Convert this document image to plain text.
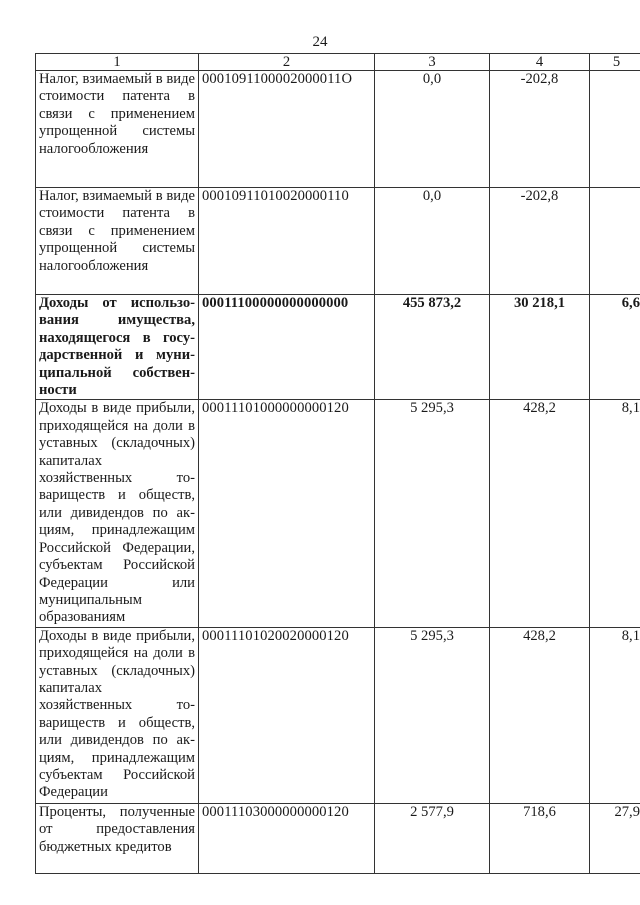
24
1	2	3	4	5
Налог, взимаемый в виде стоимости патента в связи с применением упрощенной системы налогообложения	0001091100002000011О	0,0	-202,8	
Налог, взимаемый в виде стоимости патента в связи с применением упрощенной системы налогообложения	00010911010020000110	0,0	-202,8	
Доходы от использования имущества, находящегося в государственной и муниципальной собственности	00011100000000000000	455 873,2	30 218,1	6,6
Доходы в виде прибыли, приходящейся на доли в уставных (складочных) капиталах хозяйственных товариществ и обществ, или дивидендов по акциям, принадлежащим Российской Федерации, субъектам Российской Федерации или муниципальным образованиям	00011101000000000120	5 295,3	428,2	8,1
Доходы в виде прибыли, приходящейся на доли в уставных (складочных) капиталах хозяйственных товариществ и обществ, или дивидендов по акциям, принадлежащим субъектам Российской Федерации	00011101020020000120	5 295,3	428,2	8,1
Проценты, полученные от предоставления бюджетных кредитов	00011103000000000120	2 577,9	718,6	27,9
